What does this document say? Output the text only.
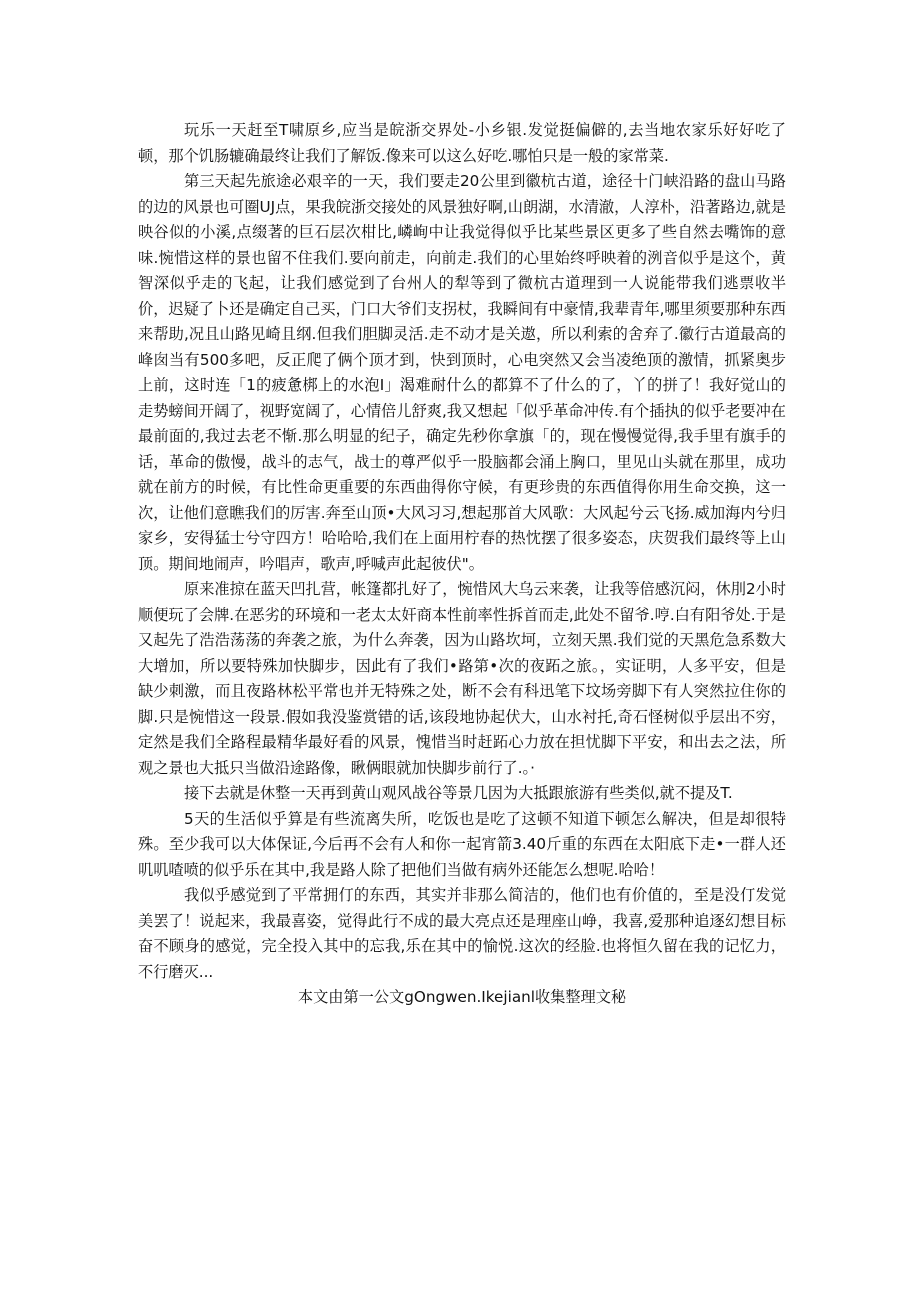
玩乐一天赶至T啸原乡,应当是皖浙交界处-小乡银.发觉挺偏僻的,去当地农家乐好好吃了顿，那个饥肠辘确最终让我们了解饭.像来可以这么好吃.哪怕只是一般的家常菜.

第三天起先旅途必艰辛的一天，我们要走20公里到徽杭古道，途径十门峡沿路的盘山马路的边的风景也可圈UJ点，果我皖浙交接处的风景独好啊,山朗湖，水清澈，人淳朴，沿著路边,就是映谷似的小溪,点缀著的巨石层次柑比,嶙峋中让我觉得似乎比某些景区更多了些自然去嘴饰的意味.惋惜这样的景也留不住我们.要向前走，向前走.我们的心里始终呼映着的洌音似乎是这个，黄智深似乎走的飞起，让我们感觉到了台州人的犁等到了微杭古道理到一人说能带我们逃票收半价，迟疑了卜还是确定自己买，门口大爷们支拐杖，我瞬间有中豪情,我辈青年,哪里须要那种东西来帮助,况且山路见崎且纲.但我们胆脚灵活.走不动才是关遨，所以利索的舍弃了.徽行古道最高的峰囱当有500多吧，反正爬了俩个顶才到，快到顶时，心电突然又会当凌绝顶的激情，抓紧奥步上前，这时连「1的疲惫梆上的水泡I」渴难耐什么的都算不了什么的了，丫的拼了！我好觉山的走势螃间开阔了，视野宽阔了，心情倍儿舒爽,我又想起「似乎革命冲传.有个插执的似乎老要冲在最前面的,我过去老不惭.那么明显的纪子，确定先秒你拿旗「的，现在慢慢觉得,我手里有旗手的话，革命的傲慢，战斗的志气，战士的尊严似乎一股脑都会涌上胸口，里见山头就在那里，成功就在前方的时候，有比性命更重要的东西曲得你守候，有更珍贵的东西值得你用生命交换，这一次，让他们意瞧我们的厉害.奔至山顶•大风习习,想起那首大风歌：大风起兮云飞扬.威加海内兮归家乡，安得猛士兮守四方！哈哈哈,我们在上面用柠春的热忱摆了很多姿态，庆贺我们最终等上山顶。期间地闹声，吟唱声，歌声,呼喊声此起彼伏"。

原来准掠在蓝天凹扎营，帐篷都扎好了，惋惜风大乌云来袭，让我等倍感沉闷，休刖2小时顺便玩了会牌.在恶劣的环境和一老太太奸商本性前率性拆首而走,此处不留爷.哼.白有阳爷处.于是又起先了浩浩荡荡的奔袭之旅，为什么奔袭，因为山路坎坷，立刻天黑.我们觉的天黑危急系数大大增加，所以要特殊加快脚步，因此有了我们•路第•次的夜跖之旅。，实证明，人多平安，但是缺少刺激，而且夜路林松平常也并无特殊之处，断不会有科迅笔下坟场旁脚下有人突然拉住你的脚.只是惋惜这一段景.假如我没鉴赏错的话,该段地协起伏大，山水衬托,奇石怪树似乎层出不穷，定然是我们全路程最精华最好看的风景，愧惜当时赶跖心力放在担忧脚下平安，和出去之法，所观之景也大抵只当做沿途路像，瞅俩眼就加快脚步前行了.。·

接下去就是休整一天再到黄山观风战谷等景几因为大抵跟旅游有些类似,就不提及T.

5天的生活似乎算是有些流离失所，吃饭也是吃了这顿不知道下顿怎么解决，但是却很特殊。至少我可以大体保证,今后再不会有人和你一起宵箭3.40斤重的东西在太阳底下走•一群人还叽叽喳喷的似乎乐在其中,我是路人除了把他们当做有病外还能怎么想呢.哈哈！

我似乎感觉到了平常拥仃的东西，其实并非那么简洁的，他们也有价值的，至是没仃发觉美罢了！说起来，我最喜姿，觉得此行不成的最大亮点还是理座山峥，我喜,爱那种追逐幻想目标奋不顾身的感觉，完全投入其中的忘我,乐在其中的愉悦.这次的经脸.也将恒久留在我的记忆力，不行磨灭...

本文由第一公文gOngwen.Ikejianl收集整理文秘
